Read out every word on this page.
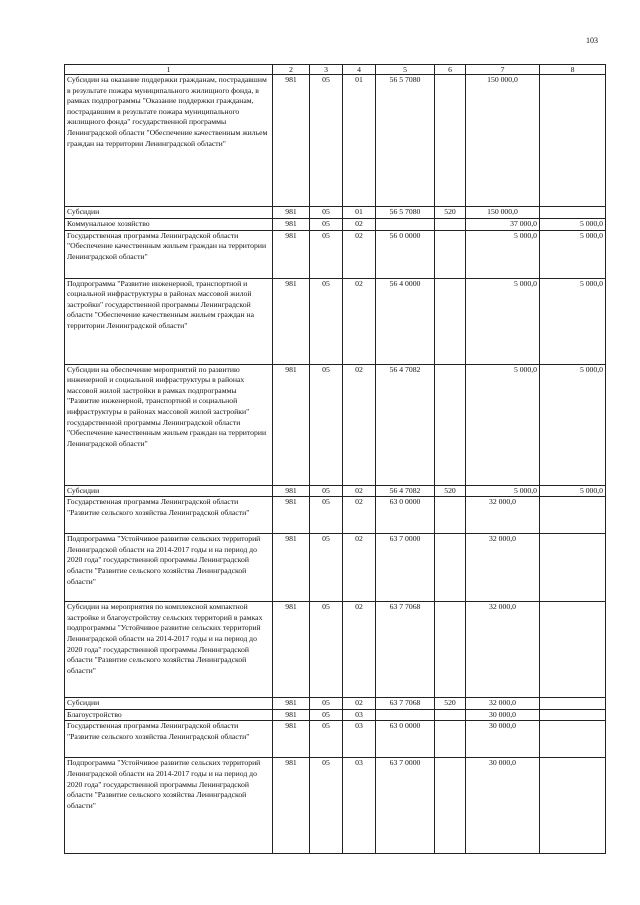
103
1	2	3	4	5	6	7	8
Субсидии на оказание поддержки гражданам, пострадавшим в результате пожара муниципального жилищного фонда, в рамках подпрограммы "Оказание поддержки гражданам, пострадавшим в результате пожара муниципального жилищного фонда" государственной программы Ленинградской области "Обеспечение качественным жильем граждан на территории Ленинградской области"	981	05	01	56 5 7080		150 000,0	
Субсидии	981	05	01	56 5 7080	520	150 000,0	
Коммунальное хозяйство	981	05	02			37 000,0	5 000,0
Государственная программа Ленинградской области "Обеспечение качественным жильем граждан на территории Ленинградской области"	981	05	02	56 0 0000		5 000,0	5 000,0
Подпрограмма "Развитие инженерной, транспортной и социальной инфраструктуры в районах массовой жилой застройки" государственной программы Ленинградской области "Обеспечение качественным жильем граждан на территории Ленинградской области"	981	05	02	56 4 0000		5 000,0	5 000,0
Субсидии на обеспечение мероприятий по развитию инженерной и социальной инфраструктуры в районах массовой жилой застройки в рамках подпрограммы "Развитие инженерной, транспортной и социальной инфраструктуры в районах массовой жилой застройки" государственной программы Ленинградской области "Обеспечение качественным жильем граждан на территории Ленинградской области"	981	05	02	56 4 7082		5 000,0	5 000,0
Субсидии	981	05	02	56 4 7082	520	5 000,0	5 000,0
Государственная программа Ленинградской области "Развитие сельского хозяйства Ленинградской области"	981	05	02	63 0 0000		32 000,0	
Подпрограмма "Устойчивое развитие сельских территорий Ленинградской области на 2014-2017 годы и на период до 2020 года" государственной программы Ленинградской области "Развитие сельского хозяйства Ленинградской области"	981	05	02	63 7 0000		32 000,0	
Субсидии на мероприятия по комплексной компактной застройке и благоустройству сельских территорий в рамках подпрограммы "Устойчивое развитие сельских территорий Ленинградской области на 2014-2017 годы и на период до 2020 года" государственной программы Ленинградской области "Развитие сельского хозяйства Ленинградской области"	981	05	02	63 7 7068		32 000,0	
Субсидии	981	05	02	63 7 7068	520	32 000,0	
Благоустройство	981	05	03			30 000,0	
Государственная программа Ленинградской области "Развитие сельского хозяйства Ленинградской области"	981	05	03	63 0 0000		30 000,0	
Подпрограмма "Устойчивое развитие сельских территорий Ленинградской области на 2014-2017 годы и на период до 2020 года" государственной программы Ленинградской области "Развитие сельского хозяйства Ленинградской области"	981	05	03	63 7 0000		30 000,0	
